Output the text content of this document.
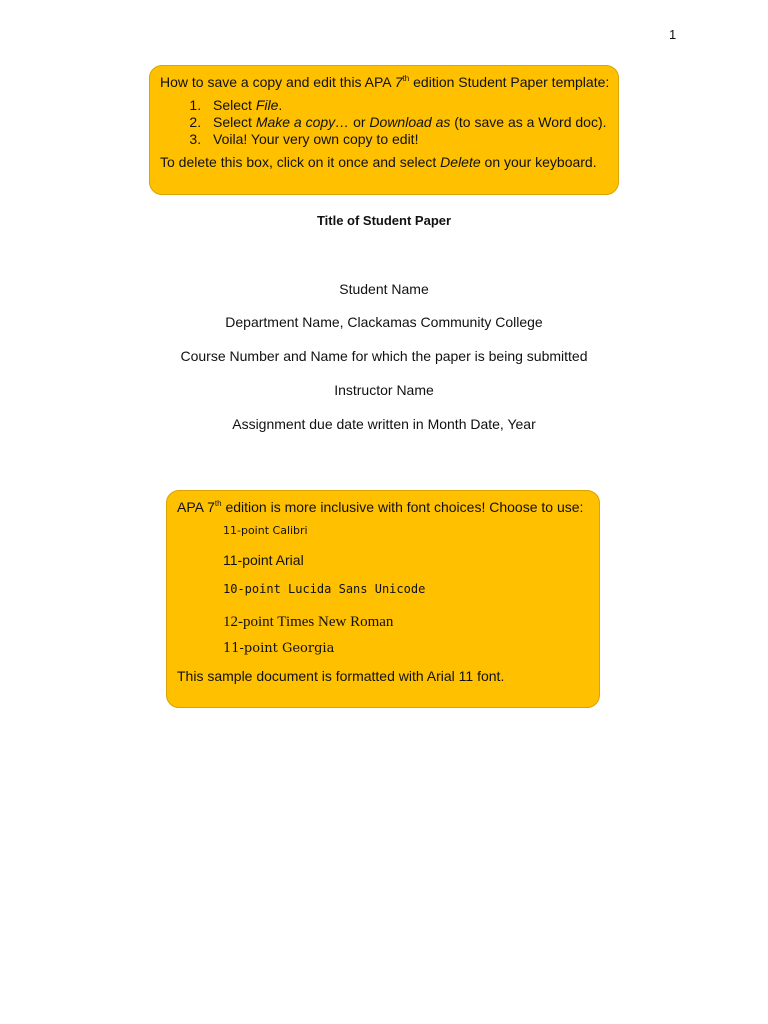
1
How to save a copy and edit this APA 7th edition Student Paper template:
1. Select File.
2. Select Make a copy… or Download as (to save as a Word doc).
3. Voila! Your very own copy to edit!
To delete this box, click on it once and select Delete on your keyboard.
Title of Student Paper
Student Name
Department Name, Clackamas Community College
Course Number and Name for which the paper is being submitted
Instructor Name
Assignment due date written in Month Date, Year
APA 7th edition is more inclusive with font choices! Choose to use:
11-point Calibri
11-point Arial
10-point Lucida Sans Unicode
12-point Times New Roman
11-point Georgia
This sample document is formatted with Arial 11 font.
